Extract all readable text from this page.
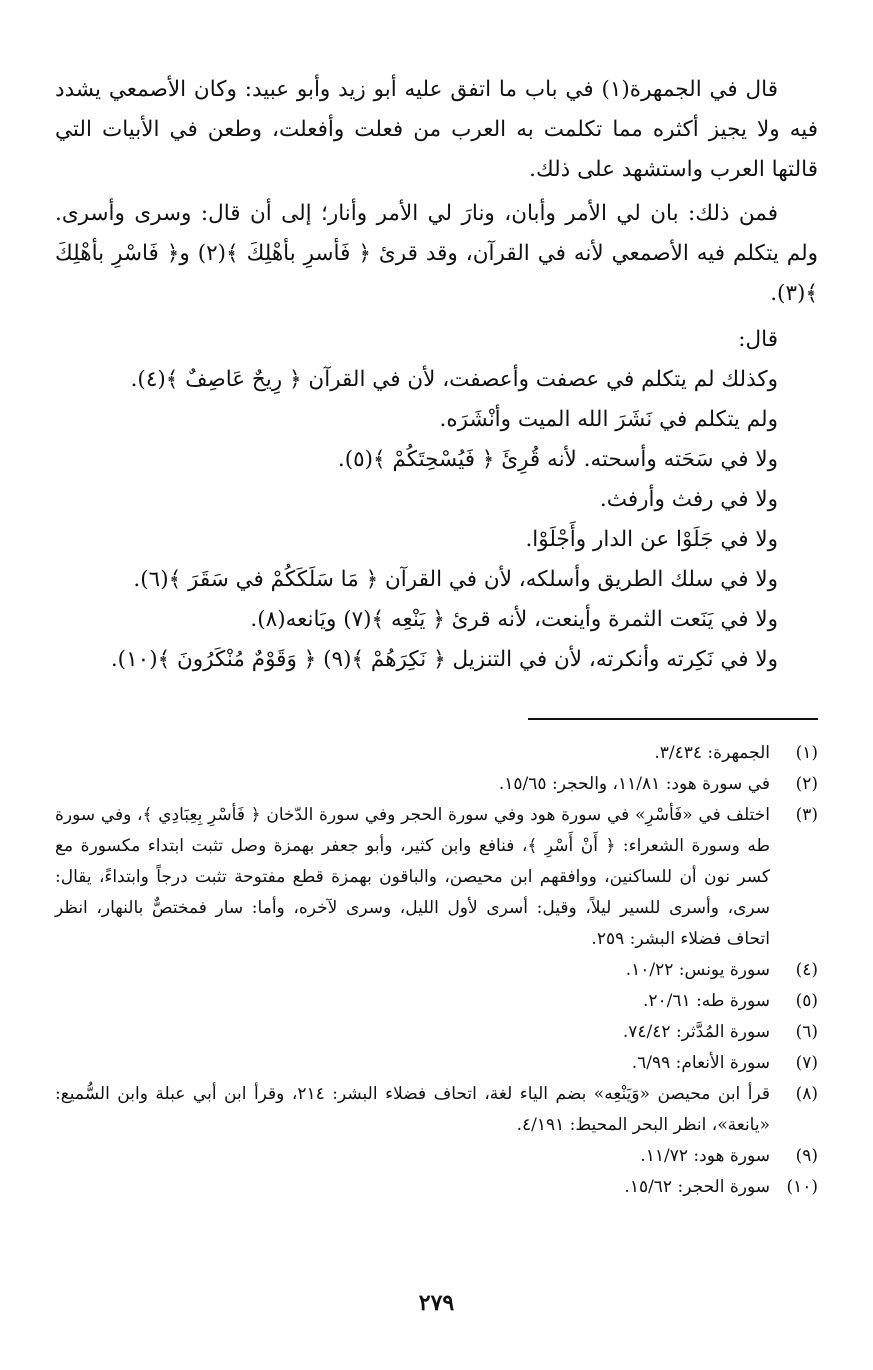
قال في الجمهرة(١) في باب ما اتفق عليه أبو زيد وأبو عبيد: وكان الأصمعي يشدد فيه ولا يجيز أكثره مما تكلمت به العرب من فعلت وأفعلت، وطعن في الأبيات التي قالتها العرب واستشهد على ذلك.

فمن ذلك: بان لي الأمر وأبان، ونارَ لي الأمر وأنار؛ إلى أن قال: وسرى وأسرى. ولم يتكلم فيه الأصمعي لأنه في القرآن، وقد قرئ ﴿ فَأسرِ بأهْلِكَ ﴾(٢) و﴿ فَاسْرِ بأهْلِكَ ﴾(٣).

قال:

وكذلك لم يتكلم في عصفت وأعصفت، لأن في القرآن ﴿ رِيحٌ عَاصِفٌ ﴾(٤).

ولم يتكلم في نَشَرَ الله الميت وأنْشَرَه.

ولا في سَحَته وأسحته. لأنه قُرِئَ ﴿ فَيُسْحِتَكُمْ ﴾(٥).

ولا في رفث وأرفث.

ولا في جَلَوْا عن الدار وأَجْلَوْا.

ولا في سلك الطريق وأسلكه، لأن في القرآن ﴿ مَا سَلَكَكُمْ في سَقَرَ ﴾(٦).

ولا في يَنَعت الثمرة وأينعت، لأنه قرئ ﴿ يَنْعِه ﴾(٧) ويَانعه(٨).

ولا في نَكِرته وأنكرته، لأن في التنزيل ﴿ نَكِرَهُمْ ﴾(٩) ﴿ وَقَوْمٌ مُنْكَرُونَ ﴾(١٠).

(١)
الجمهرة: ٣/٤٣٤.
(٢)
في سورة هود: ١١/٨١، والحجر: ١٥/٦٥.
(٣)
اختلف في «فَأسْرِ» في سورة هود وفي سورة الحجر وفي سورة الدّخان ﴿ فَأسْرِ بِعِبَادِي ﴾، وفي سورة طه وسورة الشعراء: ﴿ أَنْ أَسْرِ ﴾، فنافع وابن كثير، وأبو جعفر بهمزة وصل تثبت ابتداء مكسورة مع كسر نون أن للساكنين، ووافقهم ابن محيصن، والباقون بهمزة قطع مفتوحة تثبت درجاً وابتداءً، يقال: سرى، وأسرى للسير ليلاً، وقيل: أسرى لأول الليل، وسرى لآخره، وأما: سار فمختصٌّ بالنهار، انظر اتحاف فضلاء البشر: ٢٥٩.
(٤)
سورة يونس: ١٠/٢٢.
(٥)
سورة طه: ٢٠/٦١.
(٦)
سورة المُدَّثر: ٧٤/٤٢.
(٧)
سورة الأنعام: ٦/٩٩.
(٨)
قرأ ابن محيصن «وَيَنْعِه» بضم الياء لغة، اتحاف فضلاء البشر: ٢١٤، وقرأ ابن أبي عبلة وابن السُّميع: «يانعة»، انظر البحر المحيط: ٤/١٩١.
(٩)
سورة هود: ١١/٧٢.
(١٠)
سورة الحجر: ١٥/٦٢.
٢٧٩
